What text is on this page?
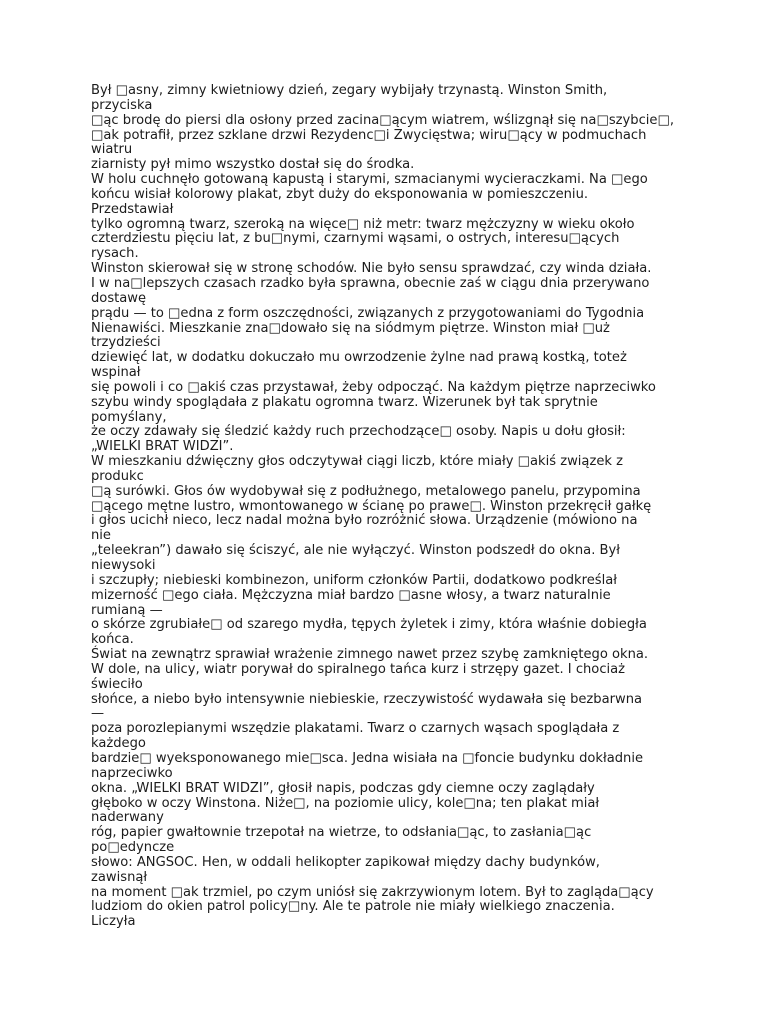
Był □asny, zimny kwietniowy dzień, zegary wybijały trzynastą. Winston Smith,
przyciska
□ąc brodę do piersi dla osłony przed zacina□ącym wiatrem, wślizgnął się na□szybcie□,
□ak potrafił, przez szklane drzwi Rezydenc□i Zwycięstwa; wiru□ący w podmuchach
wiatru
ziarnisty pył mimo wszystko dostał się do środka.
W holu cuchnęło gotowaną kapustą i starymi, szmacianymi wycieraczkami. Na □ego
końcu wisiał kolorowy plakat, zbyt duży do eksponowania w pomieszczeniu.
Przedstawiał
tylko ogromną twarz, szeroką na więce□ niż metr: twarz mężczyzny w wieku około
czterdziestu pięciu lat, z bu□nymi, czarnymi wąsami, o ostrych, interesu□ących
rysach.
Winston skierował się w stronę schodów. Nie było sensu sprawdzać, czy winda działa.
I w na□lepszych czasach rzadko była sprawna, obecnie zaś w ciągu dnia przerywano
dostawę
prądu — to □edna z form oszczędności, związanych z przygotowaniami do Tygodnia
Nienawiści. Mieszkanie zna□dowało się na siódmym piętrze. Winston miał □uż
trzydzieści
dziewięć lat, w dodatku dokuczało mu owrzodzenie żylne nad prawą kostką, toteż
wspinał
się powoli i co □akiś czas przystawał, żeby odpocząć. Na każdym piętrze naprzeciwko
szybu windy spoglądała z plakatu ogromna twarz. Wizerunek był tak sprytnie
pomyślany,
że oczy zdawały się śledzić każdy ruch przechodzące□ osoby. Napis u dołu głosił:
„WIELKI BRAT WIDZI”.
W mieszkaniu dźwięczny głos odczytywał ciągi liczb, które miały □akiś związek z
produkc
□ą surówki. Głos ów wydobywał się z podłużnego, metalowego panelu, przypomina
□ącego mętne lustro, wmontowanego w ścianę po prawe□. Winston przekręcił gałkę
i głos ucichł nieco, lecz nadal można było rozróżnić słowa. Urządzenie (mówiono na
nie
„teleekran”) dawało się ściszyć, ale nie wyłączyć. Winston podszedł do okna. Był
niewysoki
i szczupły; niebieski kombinezon, uniform członków Partii, dodatkowo podkreślał
mizerność □ego ciała. Mężczyzna miał bardzo □asne włosy, a twarz naturalnie
rumianą —
o skórze zgrubiałe□ od szarego mydła, tępych żyletek i zimy, która właśnie dobiegła
końca.
Świat na zewnątrz sprawiał wrażenie zimnego nawet przez szybę zamkniętego okna.
W dole, na ulicy, wiatr porywał do spiralnego tańca kurz i strzępy gazet. I chociaż
świeciło
słońce, a niebo było intensywnie niebieskie, rzeczywistość wydawała się bezbarwna
—
poza porozlepianymi wszędzie plakatami. Twarz o czarnych wąsach spoglądała z
każdego
bardzie□ wyeksponowanego mie□sca. Jedna wisiała na □foncie budynku dokładnie
naprzeciwko
okna. „WIELKI BRAT WIDZI”, głosił napis, podczas gdy ciemne oczy zaglądały
głęboko w oczy Winstona. Niże□, na poziomie ulicy, kole□na; ten plakat miał
naderwany
róg, papier gwałtownie trzepotał na wietrze, to odsłania□ąc, to zasłania□ąc
po□edyncze
słowo: ANGSOC. Hen, w oddali helikopter zapikował między dachy budynków,
zawisnął
na moment □ak trzmiel, po czym uniósł się zakrzywionym lotem. Był to zagląda□ący
ludziom do okien patrol policy□ny. Ale te patrole nie miały wielkiego znaczenia.
Liczyła
